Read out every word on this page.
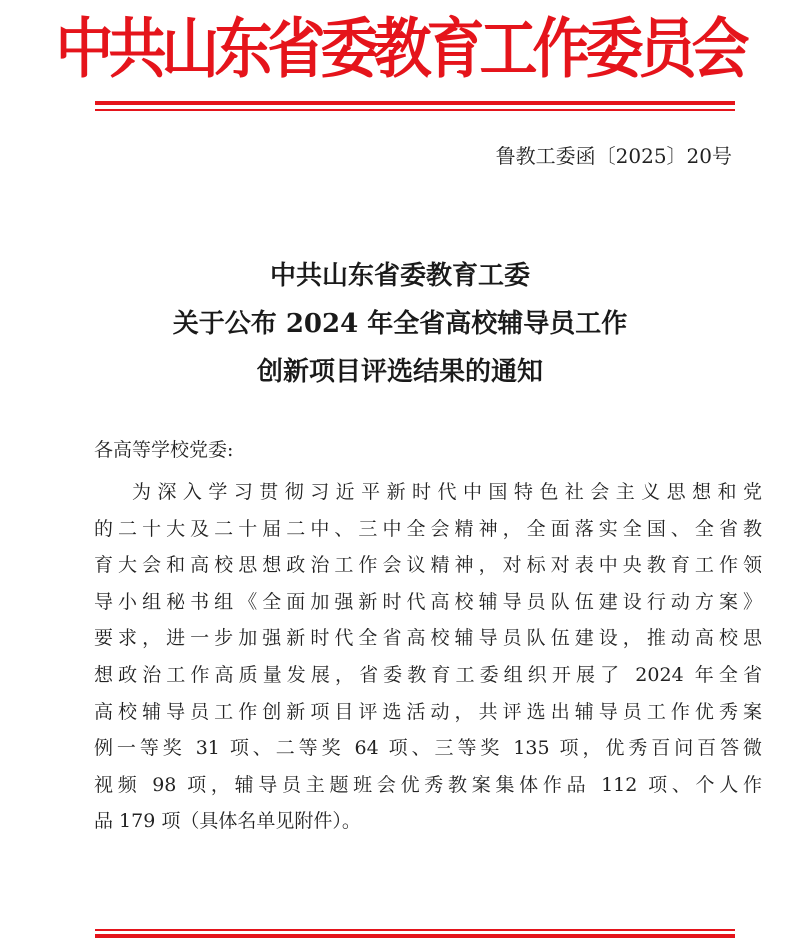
中共山东省委教育工作委员会
鲁教工委函〔2025〕20号
中共山东省委教育工委
关于公布 2024 年全省高校辅导员工作
创新项目评选结果的通知
各高等学校党委:
为深入学习贯彻习近平新时代中国特色社会主义思想和党
的二十大及二十届二中、三中全会精神，全面落实全国、全省教
育大会和高校思想政治工作会议精神，对标对表中央教育工作领
导小组秘书组《全面加强新时代高校辅导员队伍建设行动方案》
要求，进一步加强新时代全省高校辅导员队伍建设，推动高校思
想政治工作高质量发展，省委教育工委组织开展了 2024 年全省
高校辅导员工作创新项目评选活动，共评选出辅导员工作优秀案
例一等奖 31 项、二等奖 64 项、三等奖 135 项，优秀百问百答微
视频 98 项，辅导员主题班会优秀教案集体作品 112 项、个人作
品 179 项（具体名单见附件）。
